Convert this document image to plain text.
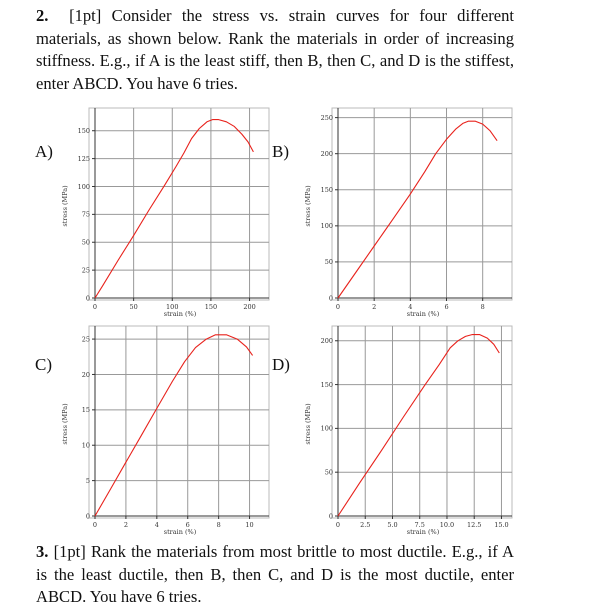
2. [1pt] Consider the stress vs. strain curves for four different materials, as shown below. Rank the materials in order of increasing stiffness. E.g., if A is the least stiff, then B, then C, and D is the stiffest, enter ABCD. You have 6 tries.

A)	B)
C)	D)
0	50	100	150	200
0
25
50
75
100
125
150
strain (%)
stress (MPa)
0	2	4	6	8
0
50
100
150
200
250
strain (%)
stress (MPa)
0	2	4	6	8	10
0
5
10
15
20
25
strain (%)
stress (MPa)
0	2.5	5.0	7.5 10.0 12.5 15.0
0
50
100
150
200
strain (%)
stress (MPa)

3. [1pt] Rank the materials from most brittle to most ductile. E.g., if A is the least ductile, then B, then C, and D is the most ductile, enter ABCD. You have 6 tries.
